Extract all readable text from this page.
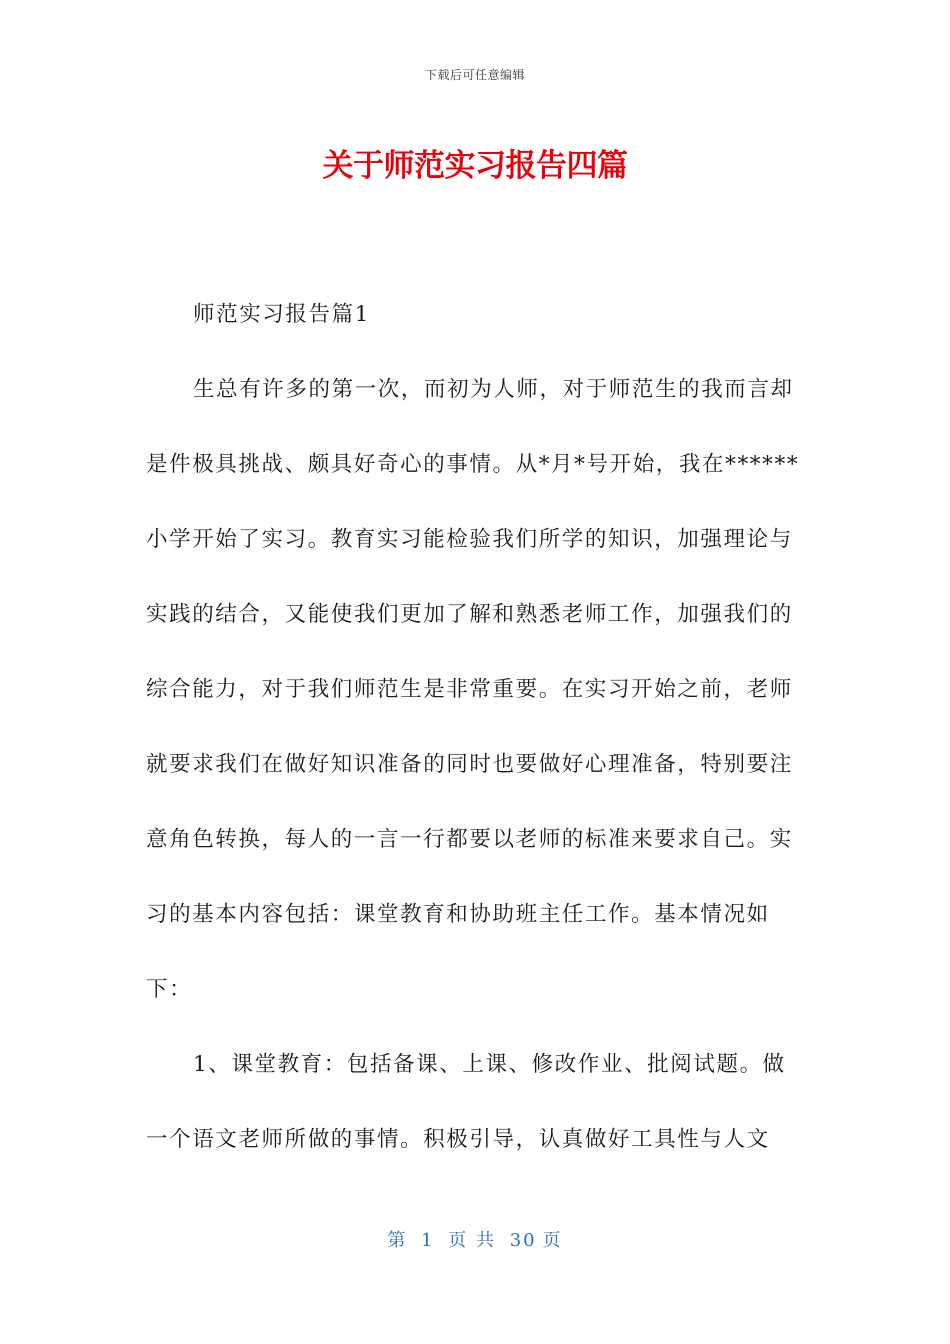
下载后可任意编辑
关于师范实习报告四篇

师范实习报告篇1

生总有许多的第一次，而初为人师，对于师范生的我而言却是件极具挑战、颇具好奇心的事情。从*月*号开始，我在******小学开始了实习。教育实习能检验我们所学的知识，加强理论与实践的结合，又能使我们更加了解和熟悉老师工作，加强我们的综合能力，对于我们师范生是非常重要。在实习开始之前，老师就要求我们在做好知识准备的同时也要做好心理准备，特别要注意角色转换，每人的一言一行都要以老师的标准来要求自己。实习的基本内容包括：课堂教育和协助班主任工作。基本情况如下：

1、课堂教育：包括备课、上课、修改作业、批阅试题。做一个语文老师所做的事情。积极引导，认真做好工具性与人文

第 1 页 共 30 页
